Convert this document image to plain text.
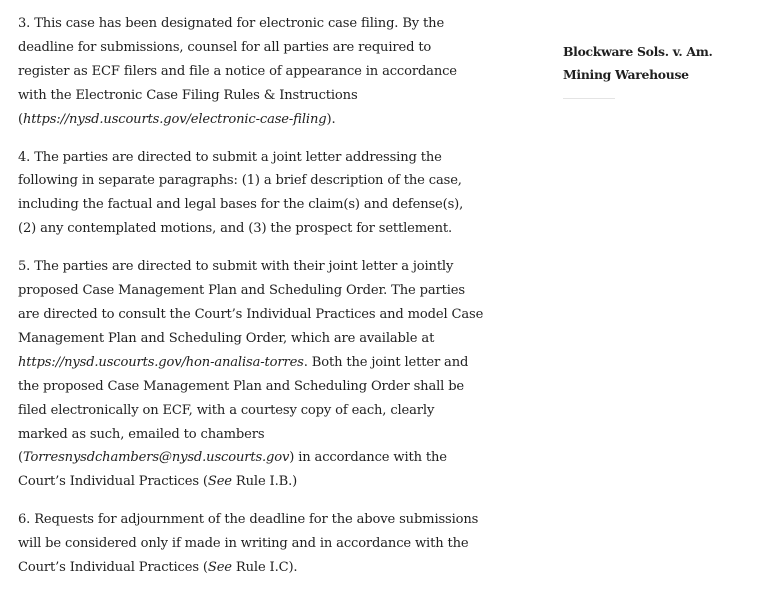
3. This case has been designated for electronic case filing. By the deadline for submissions, counsel for all parties are required to register as ECF filers and file a notice of appearance in accordance with the Electronic Case Filing Rules & Instructions (https://nysd.uscourts.gov/electronic-case-filing).

4. The parties are directed to submit a joint letter addressing the following in separate paragraphs: (1) a brief description of the case, including the factual and legal bases for the claim(s) and defense(s), (2) any contemplated motions, and (3) the prospect for settlement.

5. The parties are directed to submit with their joint letter a jointly proposed Case Management Plan and Scheduling Order. The parties are directed to consult the Court’s Individual Practices and model Case Management Plan and Scheduling Order, which are available at https://nysd.uscourts.gov/hon-analisa-torres. Both the joint letter and the proposed Case Management Plan and Scheduling Order shall be filed electronically on ECF, with a courtesy copy of each, clearly marked as such, emailed to chambers (Torresnysdchambers@nysd.uscourts.gov) in accordance with the Court’s Individual Practices (See Rule I.B.)

6. Requests for adjournment of the deadline for the above submissions will be considered only if made in writing and in accordance with the Court’s Individual Practices (See Rule I.C).

Blockware Sols. v. Am. Mining Warehouse
